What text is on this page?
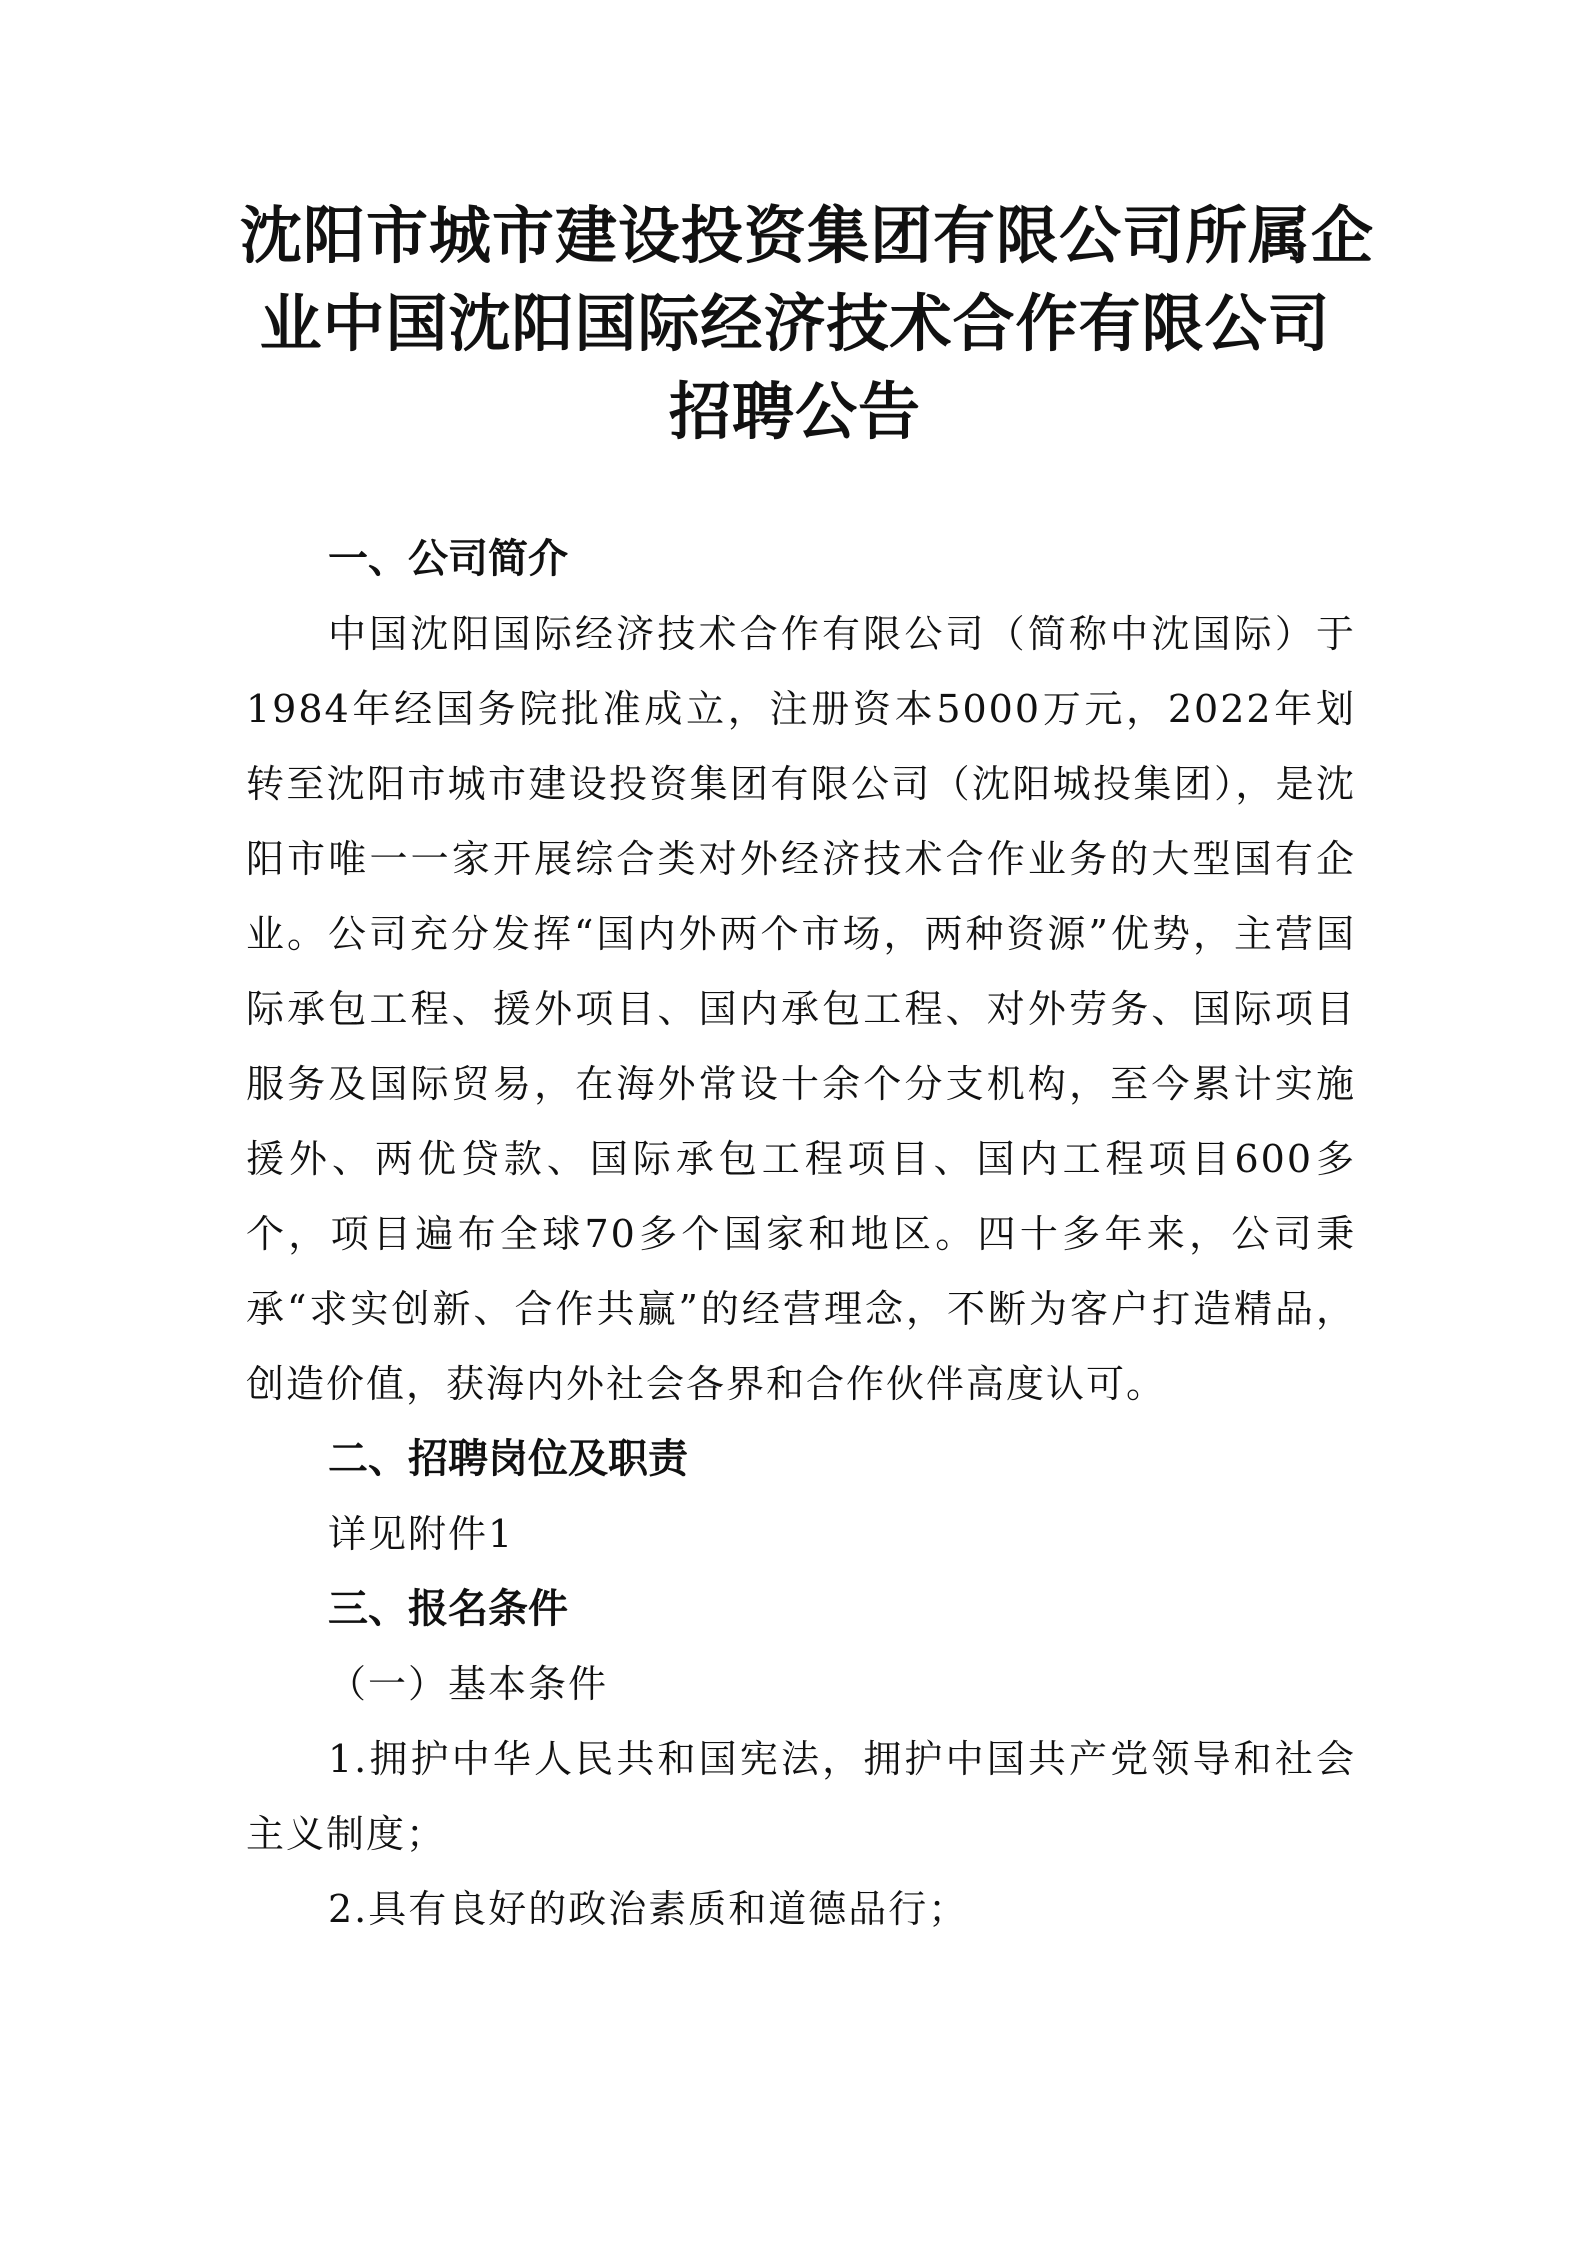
沈阳市城市建设投资集团有限公司所属企
业中国沈阳国际经济技术合作有限公司
招聘公告
一、公司简介
中国沈阳国际经济技术合作有限公司（简称中沈国际）于1984年经国务院批准成立，注册资本5000万元，2022年划转至沈阳市城市建设投资集团有限公司（沈阳城投集团），是沈阳市唯一一家开展综合类对外经济技术合作业务的大型国有企业。公司充分发挥“国内外两个市场，两种资源”优势，主营国际承包工程、援外项目、国内承包工程、对外劳务、国际项目服务及国际贸易，在海外常设十余个分支机构，至今累计实施援外、两优贷款、国际承包工程项目、国内工程项目600多个，项目遍布全球70多个国家和地区。四十多年来，公司秉承“求实创新、合作共赢”的经营理念，不断为客户打造精品，创造价值，获海内外社会各界和合作伙伴高度认可。
二、招聘岗位及职责
详见附件1
三、报名条件
（一）基本条件
1.拥护中华人民共和国宪法，拥护中国共产党领导和社会主义制度；
2.具有良好的政治素质和道德品行；
